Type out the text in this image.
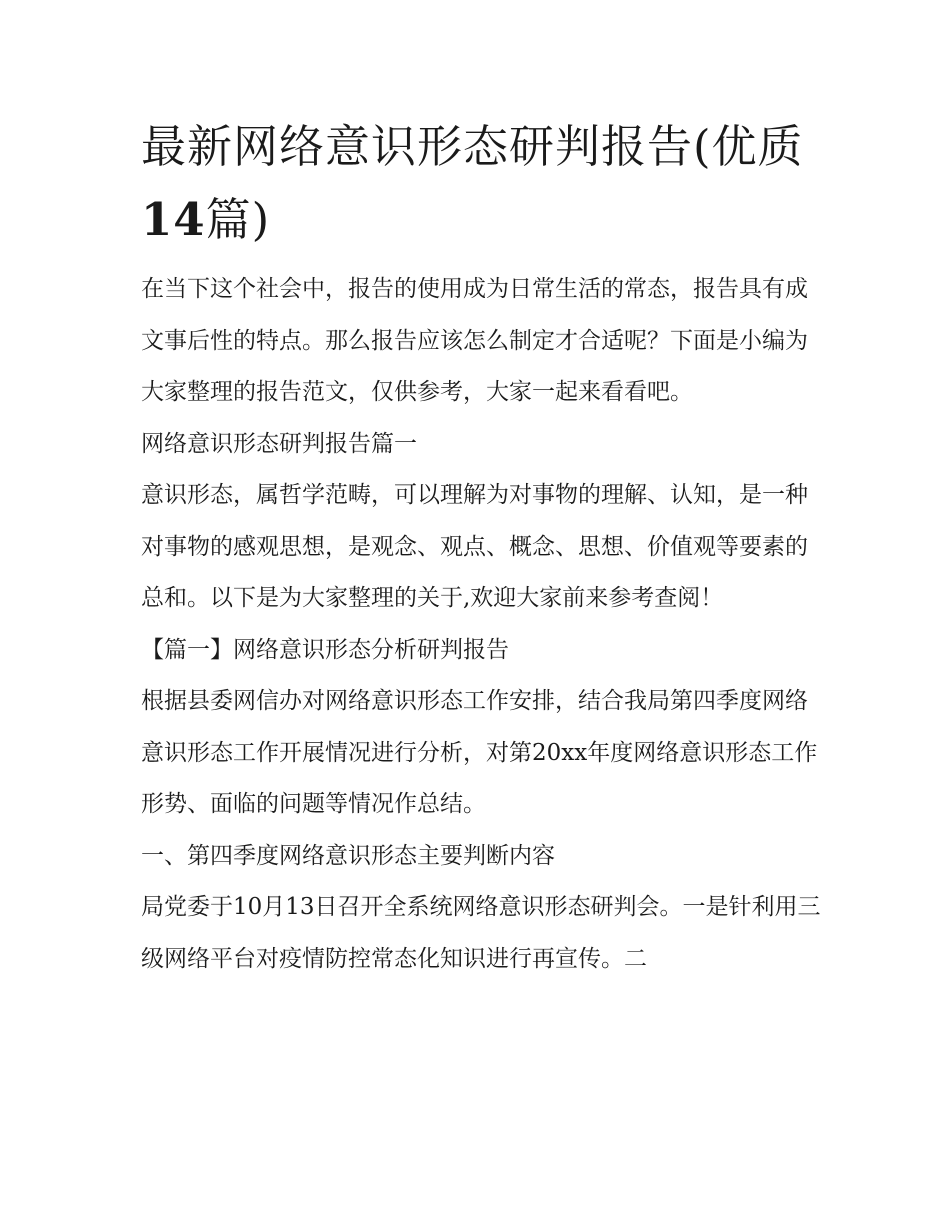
最新网络意识形态研判报告(优质14篇)

在当下这个社会中，报告的使用成为日常生活的常态，报告具有成文事后性的特点。那么报告应该怎么制定才合适呢？下面是小编为大家整理的报告范文，仅供参考，大家一起来看看吧。

网络意识形态研判报告篇一

意识形态，属哲学范畴，可以理解为对事物的理解、认知，是一种对事物的感观思想，是观念、观点、概念、思想、价值观等要素的总和。以下是为大家整理的关于,欢迎大家前来参考查阅！

【篇一】网络意识形态分析研判报告

根据县委网信办对网络意识形态工作安排，结合我局第四季度网络意识形态工作开展情况进行分析，对第20xx年度网络意识形态工作形势、面临的问题等情况作总结。

一、第四季度网络意识形态主要判断内容

局党委于10月13日召开全系统网络意识形态研判会。一是针利用三级网络平台对疫情防控常态化知识进行再宣传。二
